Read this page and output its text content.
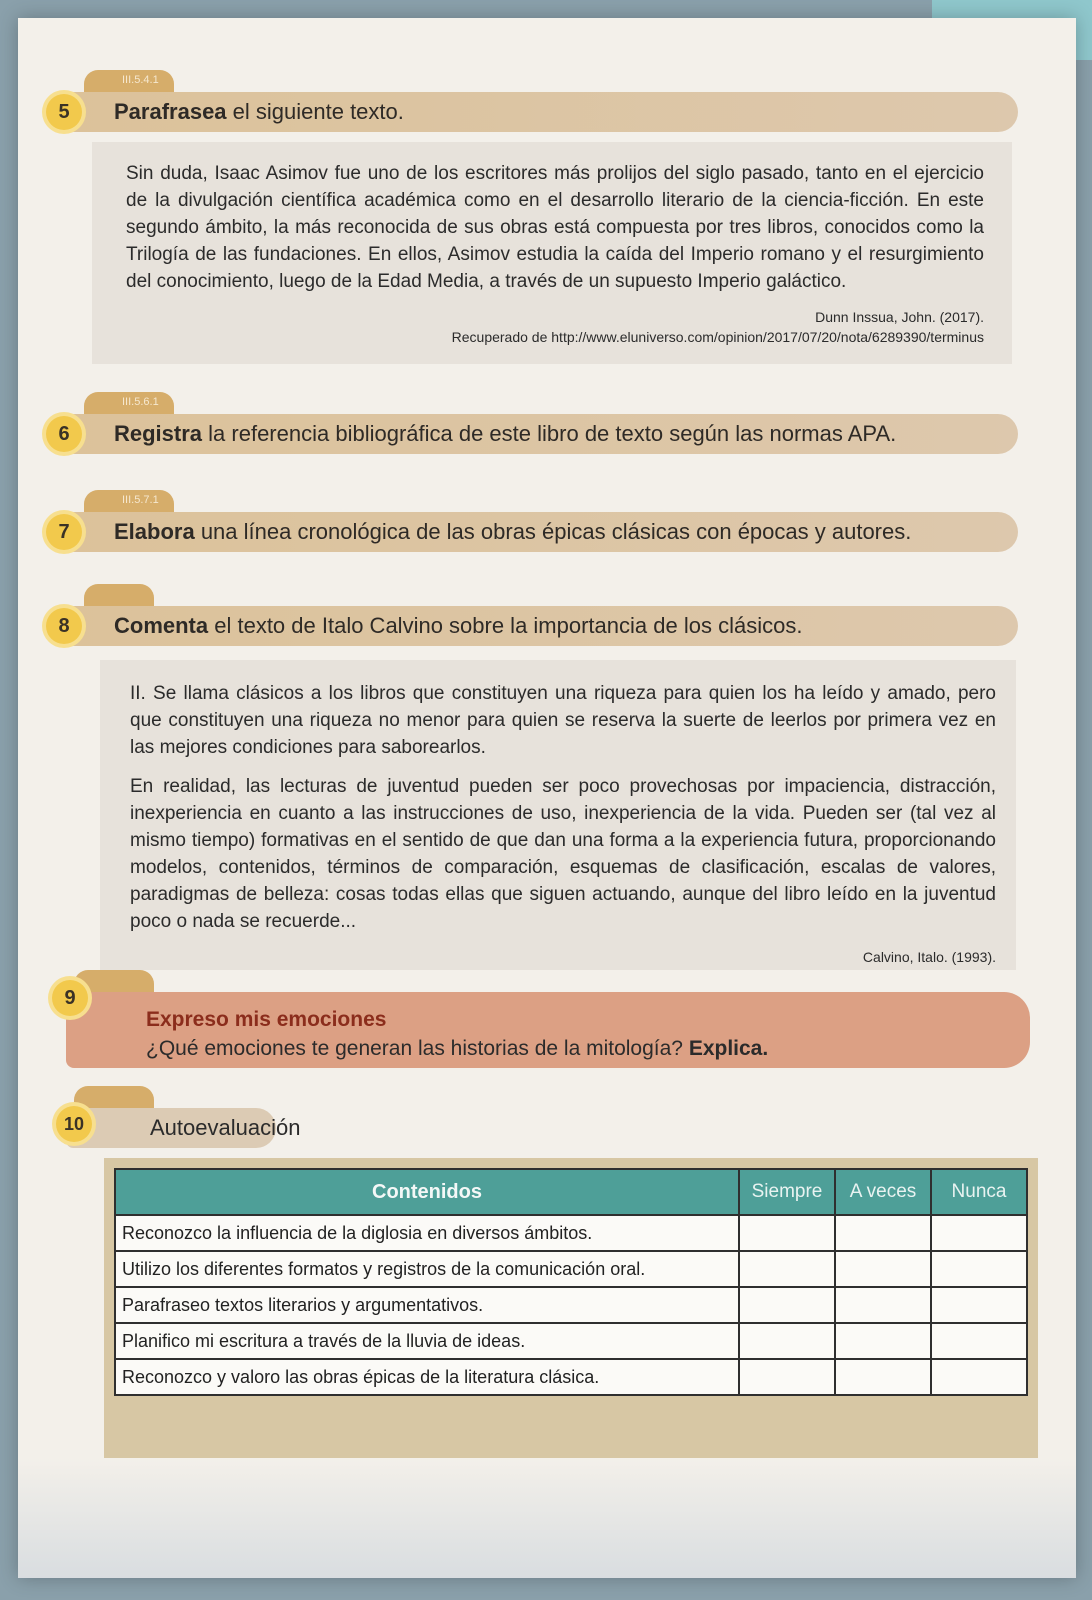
III.5.4.1
Parafrasea el siguiente texto.
5

Sin duda, Isaac Asimov fue uno de los escritores más prolijos del siglo pasado, tanto en el ejercicio de la divulgación científica académica como en el desarrollo literario de la ciencia-ficción. En este segundo ámbito, la más reconocida de sus obras está compuesta por tres libros, conocidos como la Trilogía de las fundaciones. En ellos, Asimov estudia la caída del Imperio romano y el resurgimiento del conocimiento, luego de la Edad Media, a través de un supuesto Imperio galáctico.

Dunn Inssua, John. (2017).
Recuperado de http://www.eluniverso.com/opinion/2017/07/20/nota/6289390/terminus
III.5.6.1
Registra la referencia bibliográfica de este libro de texto según las normas APA.
6
III.5.7.1
Elabora una línea cronológica de las obras épicas clásicas con épocas y autores.
7
Comenta el texto de Italo Calvino sobre la importancia de los clásicos.
8

II. Se llama clásicos a los libros que constituyen una riqueza para quien los ha leído y amado, pero que constituyen una riqueza no menor para quien se reserva la suerte de leerlos por primera vez en las mejores condiciones para saborearlos.

En realidad, las lecturas de juventud pueden ser poco provechosas por impaciencia, distracción, inexperiencia en cuanto a las instrucciones de uso, inexperiencia de la vida. Pueden ser (tal vez al mismo tiempo) formativas en el sentido de que dan una forma a la experiencia futura, proporcionando modelos, contenidos, términos de comparación, esquemas de clasificación, escalas de valores, paradigmas de belleza: cosas todas ellas que siguen actuando, aunque del libro leído en la juventud poco o nada se recuerde...

Calvino, Italo. (1993).
Expreso mis emociones
¿Qué emociones te generan las historias de la mitología? Explica.
9
Autoevaluación
10
Contenidos	Siempre	A veces	Nunca
Reconozco la influencia de la diglosia en diversos ámbitos.			
Utilizo los diferentes formatos y registros de la comunicación oral.			
Parafraseo textos literarios y argumentativos.			
Planifico mi escritura a través de la lluvia de ideas.			
Reconozco y valoro las obras épicas de la literatura clásica.			
